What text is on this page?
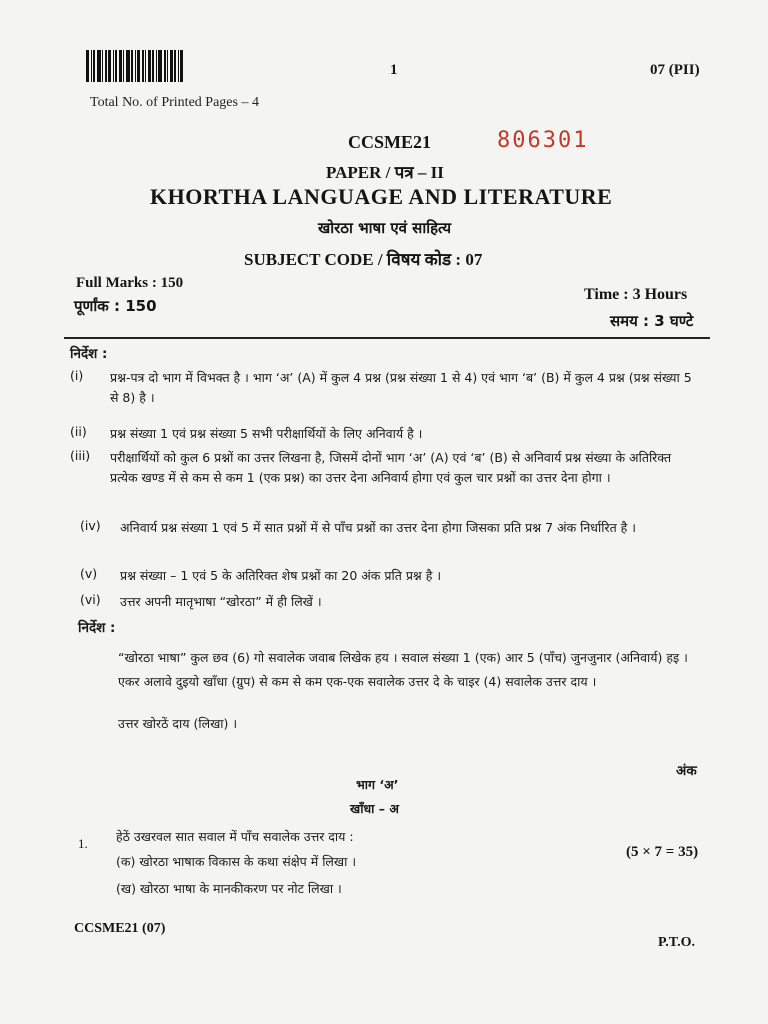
1	07 (PII)
Total No. of Printed Pages – 4
CCSME21	806301
PAPER / पत्र – II
KHORTHA LANGUAGE AND LITERATURE
खोरठा भाषा एवं साहित्य
SUBJECT CODE / विषय कोड : 07
Full Marks : 150
पूर्णांक : 150
Time : 3 Hours
समय : 3 घण्टे
निर्देश :
(i) प्रश्न-पत्र दो भाग में विभक्त है । भाग ‘अ’ (A) में कुल 4 प्रश्न (प्रश्न संख्या 1 से 4) एवं भाग ‘ब’ (B) में कुल 4 प्रश्न (प्रश्न संख्या 5 से 8) है ।
(ii) प्रश्न संख्या 1 एवं प्रश्न संख्या 5 सभी परीक्षार्थियों के लिए अनिवार्य है ।
(iii) परीक्षार्थियों को कुल 6 प्रश्नों का उत्तर लिखना है, जिसमें दोनों भाग ‘अ’ (A) एवं ‘ब’ (B) से अनिवार्य प्रश्न संख्या के अतिरिक्त प्रत्येक खण्ड में से कम से कम 1 (एक प्रश्न) का उत्तर देना अनिवार्य होगा एवं कुल चार प्रश्नों का उत्तर देना होगा ।
(iv) अनिवार्य प्रश्न संख्या 1 एवं 5 में सात प्रश्नों में से पाँच प्रश्नों का उत्तर देना होगा जिसका प्रति प्रश्न 7 अंक निर्धारित है ।
(v) प्रश्न संख्या – 1 एवं 5 के अतिरिक्त शेष प्रश्नों का 20 अंक प्रति प्रश्न है ।
(vi) उत्तर अपनी मातृभाषा “खोरठा” में ही लिखें ।
निर्देश :
“खोरठा भाषा” कुल छव (6) गो सवालेक जवाब लिखेक हय । सवाल संख्या 1 (एक) आर 5 (पाँच) जुनजुनार (अनिवार्य) हइ । एकर अलावे दुइयो खाँधा (ग्रुप) से कम से कम एक-एक सवालेक उत्तर दे के चाइर (4) सवालेक उत्तर दाय ।
उत्तर खोरठें दाय (लिखा) ।
अंक
भाग ‘अ’
खाँधा – अ
1. हेठें उखरवल सात सवाल में पाँच सवालेक उत्तर दाय :
(5 × 7 = 35)
(क) खोरठा भाषाक विकास के कथा संक्षेप में लिखा ।
(ख) खोरठा भाषा के मानकीकरण पर नोट लिखा ।
CCSME21 (07)
P.T.O.
